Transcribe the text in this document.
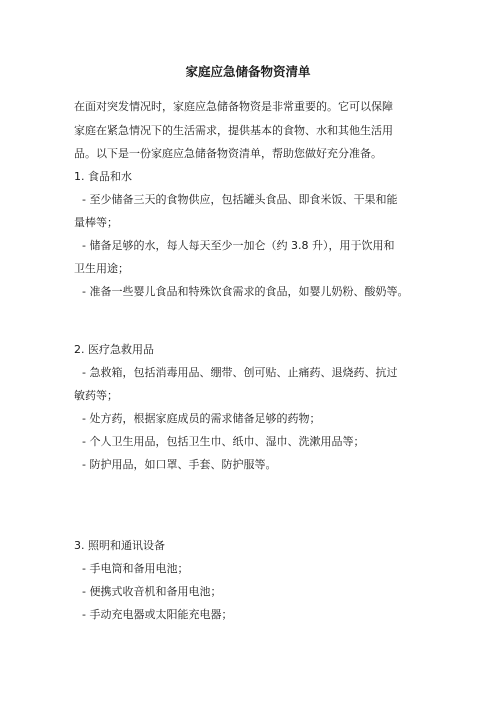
家庭应急储备物资清单

在面对突发情况时，家庭应急储备物资是非常重要的。它可以保障

家庭在紧急情况下的生活需求，提供基本的食物、水和其他生活用

品。以下是一份家庭应急储备物资清单，帮助您做好充分准备。

1. 食品和水
- 至少储备三天的食物供应，包括罐头食品、即食米饭、干果和能
量棒等；
- 储备足够的水，每人每天至少一加仑（约 3.8 升），用于饮用和
卫生用途；
- 准备一些婴儿食品和特殊饮食需求的食品，如婴儿奶粉、酸奶等。
2. 医疗急救用品
- 急救箱，包括消毒用品、绷带、创可贴、止痛药、退烧药、抗过
敏药等；
- 处方药，根据家庭成员的需求储备足够的药物；
- 个人卫生用品，包括卫生巾、纸巾、湿巾、洗漱用品等；
- 防护用品，如口罩、手套、防护服等。
3. 照明和通讯设备
- 手电筒和备用电池；
- 便携式收音机和备用电池；
- 手动充电器或太阳能充电器；
